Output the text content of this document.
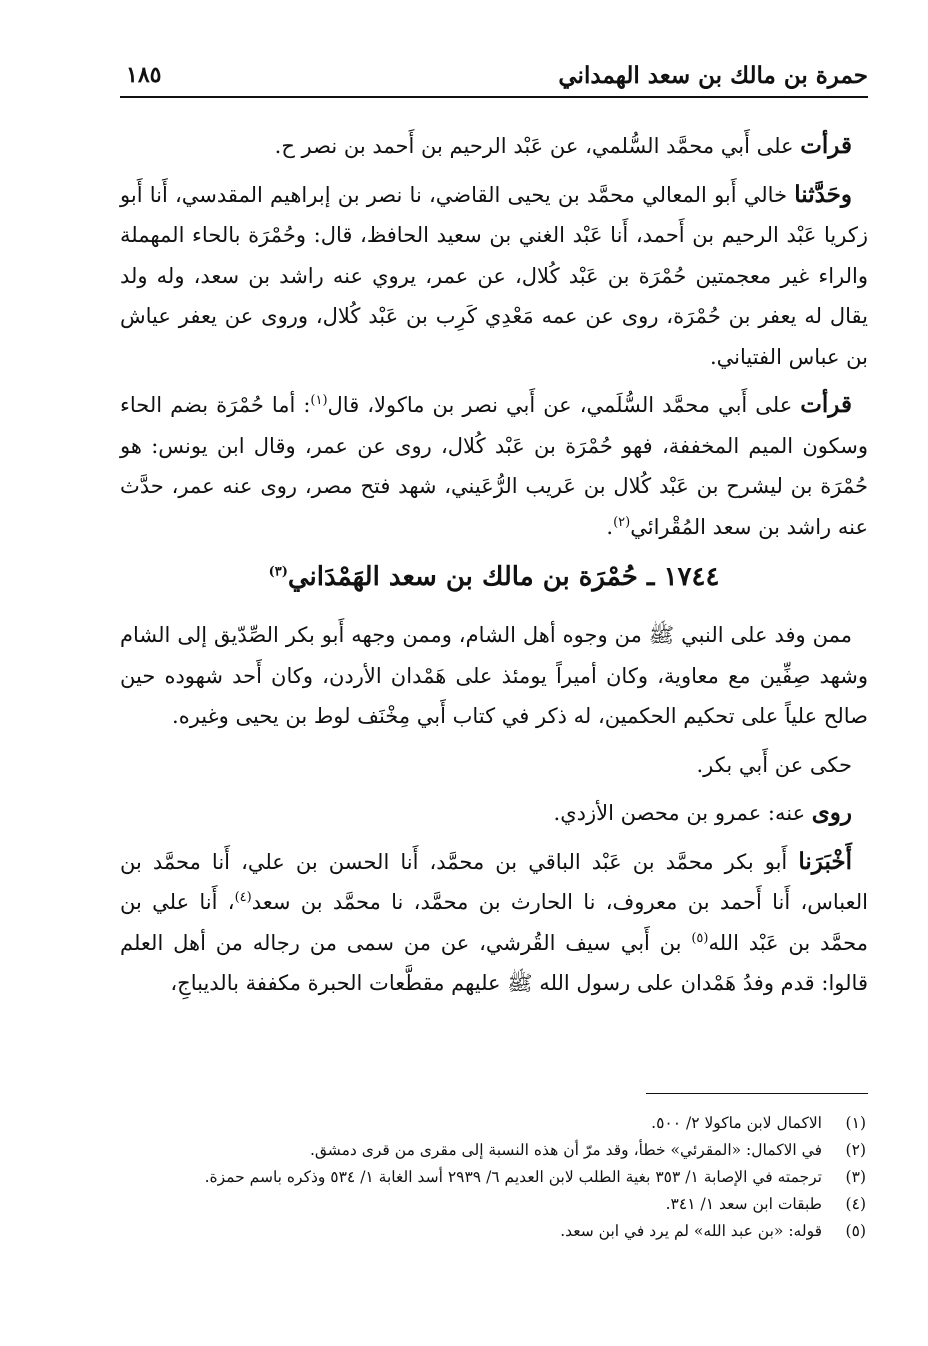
حمرة بن مالك بن سعد الهمداني
١٨٥

قرأت على أَبي محمَّد السُّلمي، عن عَبْد الرحيم بن أَحمد بن نصر ح.

وحَدَّثنا خالي أَبو المعالي محمَّد بن يحيى القاضي، نا نصر بن إبراهيم المقدسي، أَنا أَبو زكريا عَبْد الرحيم بن أَحمد، أَنا عَبْد الغني بن سعيد الحافظ، قال: وحُمْرَة بالحاء المهملة والراء غير معجمتين حُمْرَة بن عَبْد كُلال، عن عمر، يروي عنه راشد بن سعد، وله ولد يقال له يعفر بن حُمْرَة، روى عن عمه مَعْدِي كَرِب بن عَبْد كُلال، وروى عن يعفر عياش بن عباس الفتياني.

قرأت على أَبي محمَّد السُّلَمي، عن أَبي نصر بن ماكولا، قال$^{(١)}$: أما حُمْرَة بضم الحاء وسكون الميم المخففة، فهو حُمْرَة بن عَبْد كُلال، روى عن عمر، وقال ابن يونس: هو حُمْرَة بن ليشرح بن عَبْد كُلال بن عَريب الرُّعَيني، شهد فتح مصر، روى عنه عمر، حدَّث عنه راشد بن سعد المُقْرائي$^{(٢)}$.

١٧٤٤ ـ حُمْرَة بن مالك بن سعد الهَمْدَاني$^{(٣)}$

ممن وفد على النبي ﷺ من وجوه أهل الشام، وممن وجهه أَبو بكر الصِّدّيق إلى الشام وشهد صِفِّين مع معاوية، وكان أميراً يومئذ على هَمْدان الأردن، وكان أَحد شهوده حين صالح علياً على تحكيم الحكمين، له ذكر في كتاب أَبي مِخْنَف لوط بن يحيى وغيره.

حكى عن أَبي بكر.

روى عنه: عمرو بن محصن الأزدي.

أَخْبَرَنا أَبو بكر محمَّد بن عَبْد الباقي بن محمَّد، أَنا الحسن بن علي، أَنا محمَّد بن العباس، أَنا أَحمد بن معروف، نا الحارث بن محمَّد، نا محمَّد بن سعد$^{(٤)}$، أَنا علي بن محمَّد بن عَبْد الله$^{(٥)}$ بن أَبي سيف القُرشي، عن من سمى من رجاله من أهل العلم قالوا: قدم وفدُ هَمْدان على رسول الله ﷺ عليهم مقطَّعات الحبرة مكففة بالديباجِ،

(١)
الاكمال لابن ماكولا ٢/ ٥٠٠.
(٢)
في الاكمال: «المقرئي» خطأ، وقد مرّ أن هذه النسبة إلى مقرى من قرى دمشق.
(٣)
ترجمته في الإصابة ١/ ٣٥٣ بغية الطلب لابن العديم ٦/ ٢٩٣٩ أسد الغابة ١/ ٥٣٤ وذكره باسم حمزة.
(٤)
طبقات ابن سعد ١/ ٣٤١.
(٥)
قوله: «بن عبد الله» لم يرد في ابن سعد.
